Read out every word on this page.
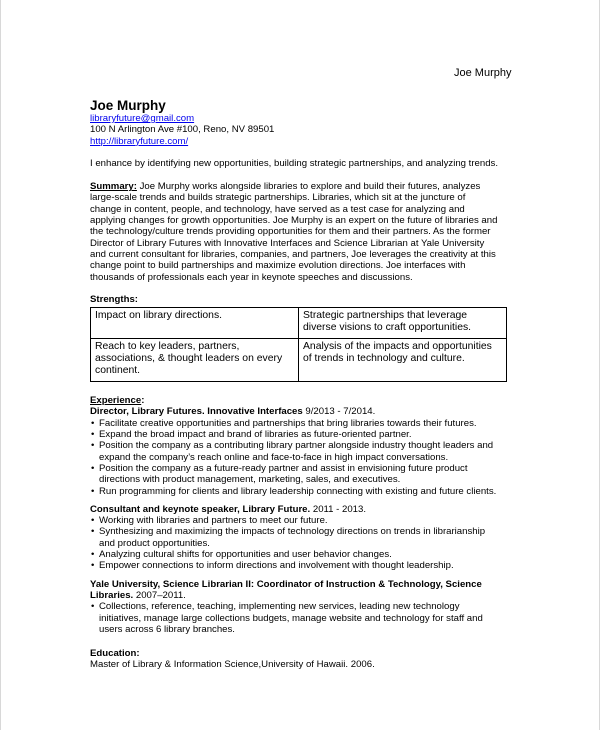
Joe Murphy
Joe Murphy
libraryfuture@gmail.com
100 N Arlington Ave #100, Reno, NV 89501
http://libraryfuture.com/
I enhance by identifying new opportunities, building strategic partnerships, and analyzing trends.
Summary: Joe Murphy works alongside libraries to explore and build their futures, analyzes
large-scale trends and builds strategic partnerships. Libraries, which sit at the juncture of
change in content, people, and technology, have served as a test case for analyzing and
applying changes for growth opportunities. Joe Murphy is an expert on the future of libraries and
the technology/culture trends providing opportunities for them and their partners. As the former
Director of Library Futures with Innovative Interfaces and Science Librarian at Yale University
and current consultant for libraries, companies, and partners, Joe leverages the creativity at this
change point to build partnerships and maximize evolution directions. Joe interfaces with
thousands of professionals each year in keynote speeches and discussions.
Strengths:
Impact on library directions.	Strategic partnerships that leverage diverse visions to craft opportunities.
Reach to key leaders, partners, associations, & thought leaders on every continent.	Analysis of the impacts and opportunities of trends in technology and culture.
Experience:
Director, Library Futures. Innovative Interfaces 9/2013 - 7/2014.
• Facilitate creative opportunities and partnerships that bring libraries towards their futures.
• Expand the broad impact and brand of libraries as future-oriented partner.
• Position the company as a contributing library partner alongside industry thought leaders and
expand the company’s reach online and face-to-face in high impact conversations.
• Position the company as a future-ready partner and assist in envisioning future product
directions with product management, marketing, sales, and executives.
• Run programming for clients and library leadership connecting with existing and future clients.
Consultant and keynote speaker, Library Future. 2011 - 2013.
• Working with libraries and partners to meet our future.
• Synthesizing and maximizing the impacts of technology directions on trends in librarianship
and product opportunities.
• Analyzing cultural shifts for opportunities and user behavior changes.
• Empower connections to inform directions and involvement with thought leadership.
Yale University, Science Librarian II: Coordinator of Instruction & Technology, Science
Libraries. 2007–2011.
• Collections, reference, teaching, implementing new services, leading new technology
initiatives, manage large collections budgets, manage website and technology for staff and
users across 6 library branches.
Education:
Master of Library & Information Science,University of Hawaii. 2006.
